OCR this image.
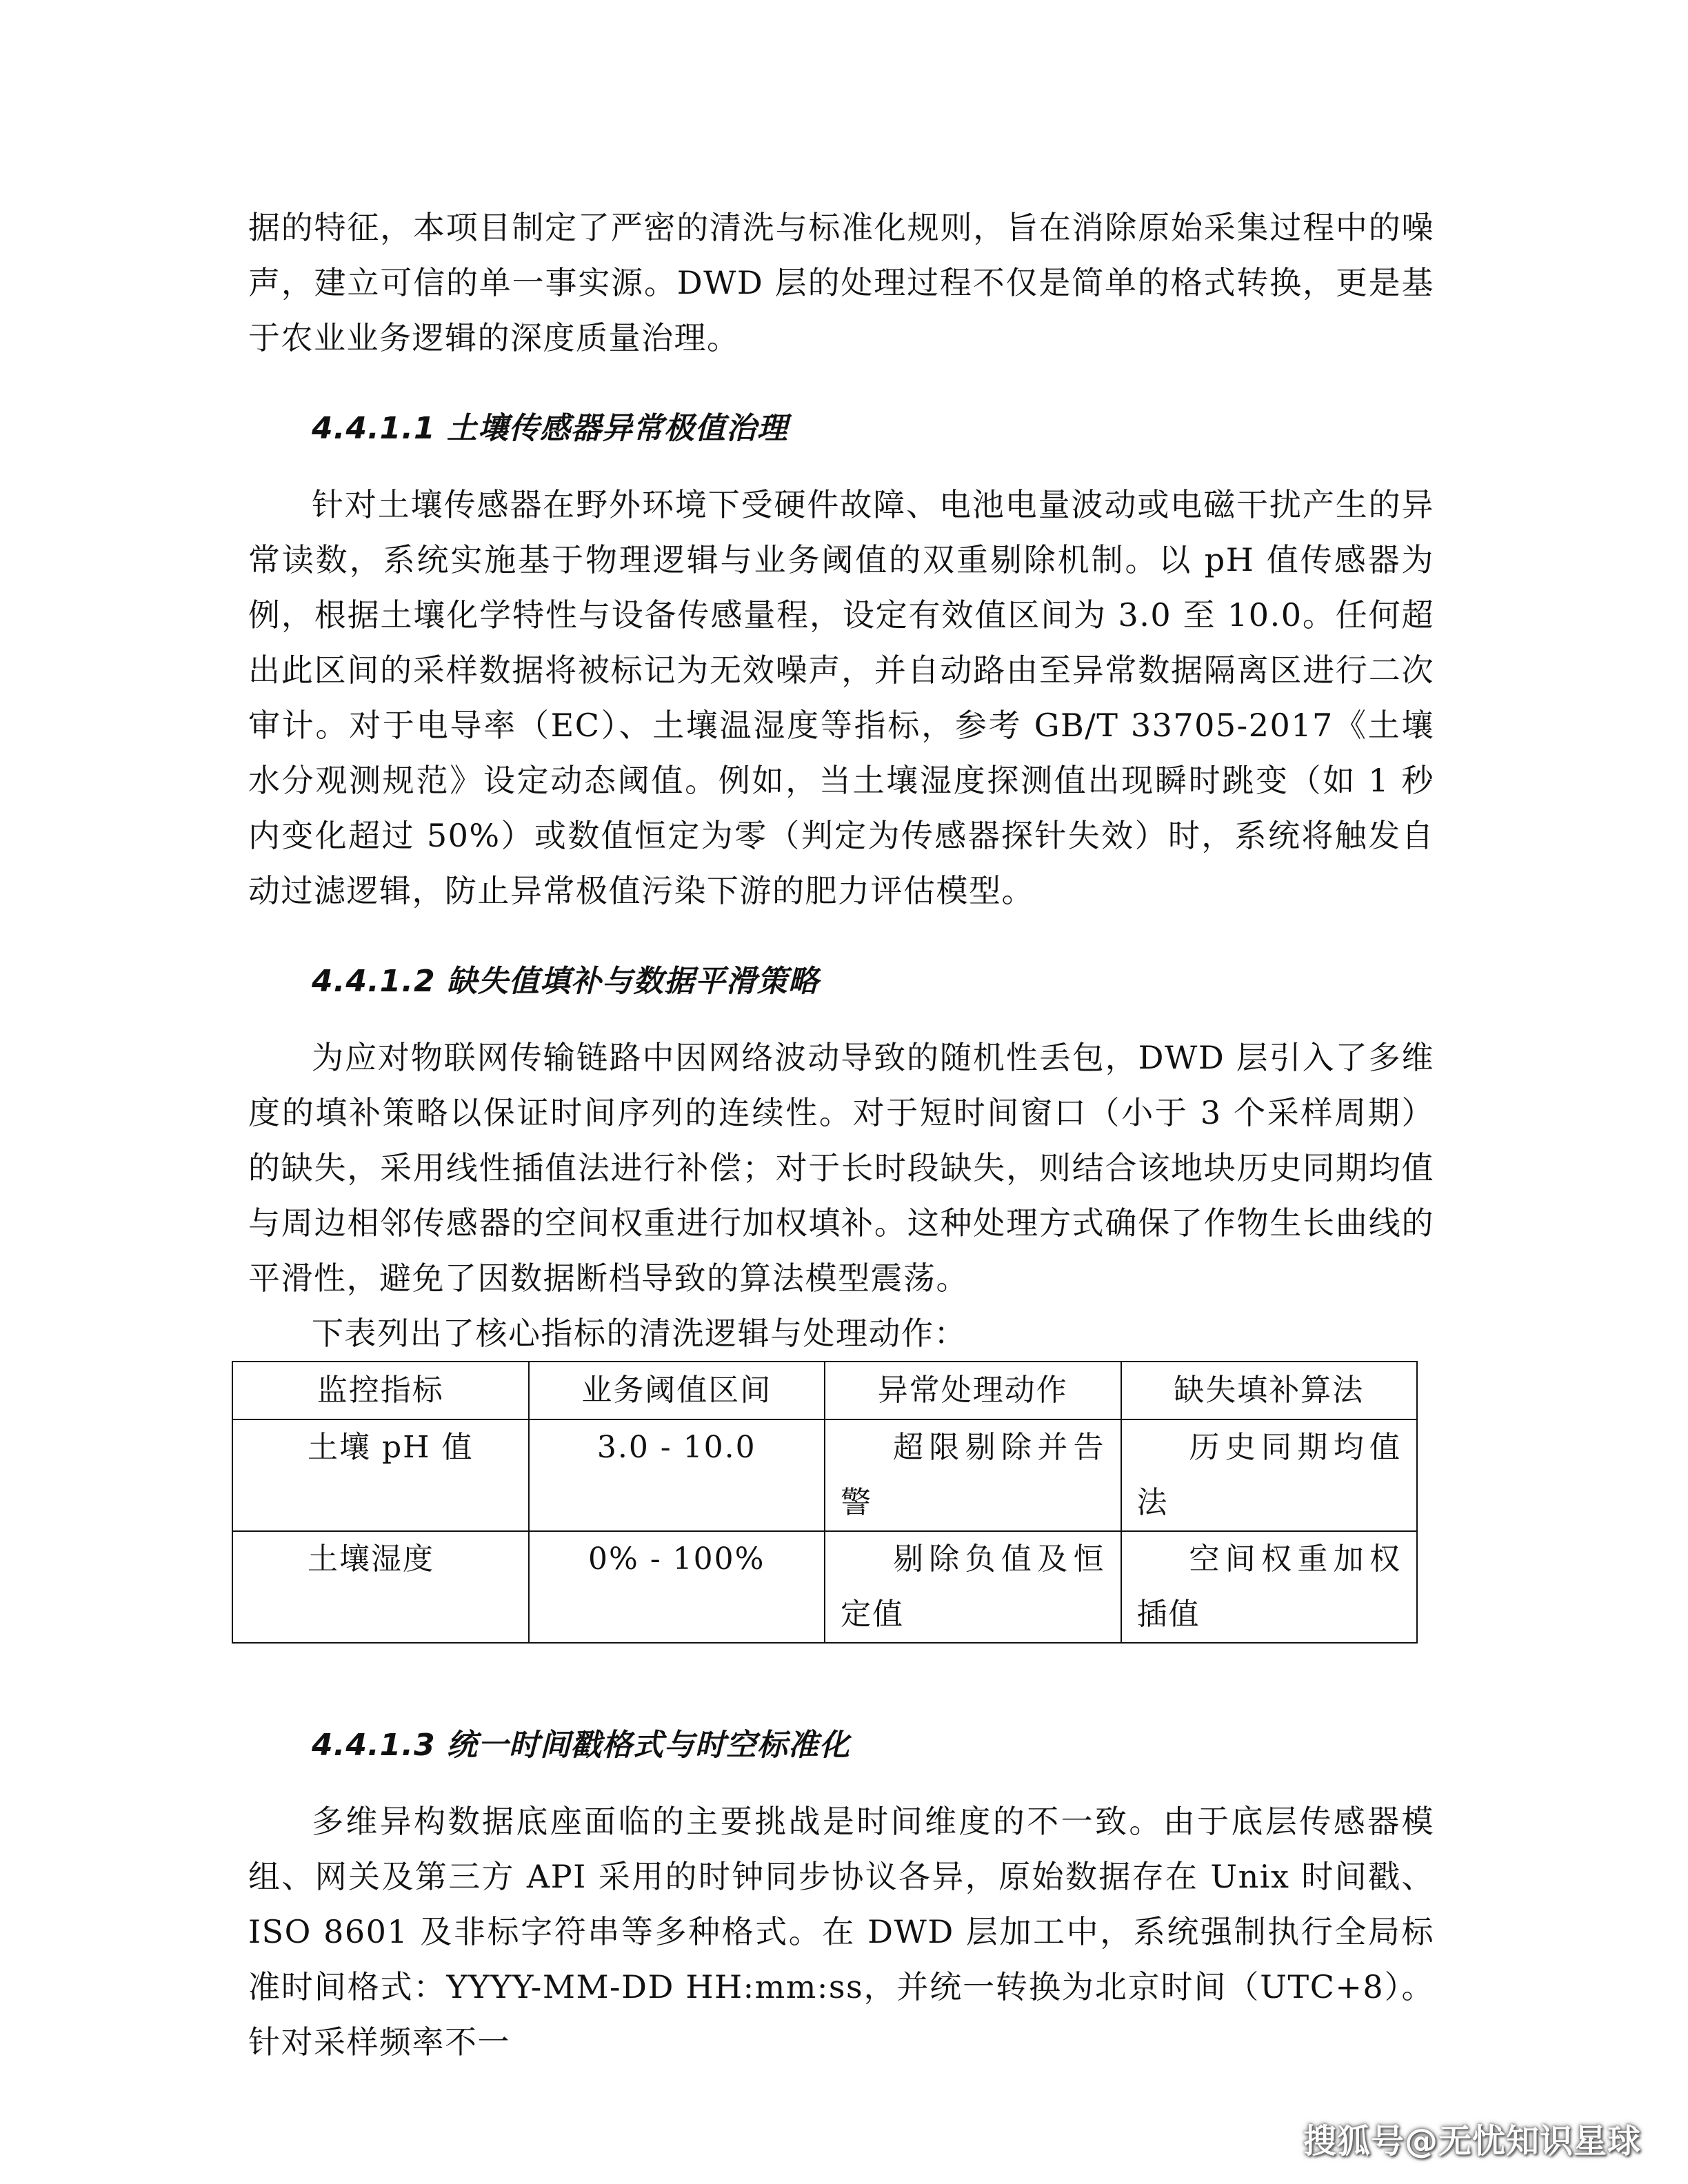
据的特征，本项目制定了严密的清洗与标准化规则，旨在消除原始采集过程中的噪声，建立可信的单一事实源。DWD 层的处理过程不仅是简单的格式转换，更是基于农业业务逻辑的深度质量治理。

4.4.1.1 土壤传感器异常极值治理

针对土壤传感器在野外环境下受硬件故障、电池电量波动或电磁干扰产生的异常读数，系统实施基于物理逻辑与业务阈值的双重剔除机制。以 pH 值传感器为例，根据土壤化学特性与设备传感量程，设定有效值区间为 3.0 至 10.0。任何超出此区间的采样数据将被标记为无效噪声，并自动路由至异常数据隔离区进行二次审计。对于电导率（EC）、土壤温湿度等指标，参考 GB/T 33705-2017《土壤水分观测规范》设定动态阈值。例如，当土壤湿度探测值出现瞬时跳变（如 1 秒内变化超过 50%）或数值恒定为零（判定为传感器探针失效）时，系统将触发自动过滤逻辑，防止异常极值污染下游的肥力评估模型。

4.4.1.2 缺失值填补与数据平滑策略

为应对物联网传输链路中因网络波动导致的随机性丢包，DWD 层引入了多维度的填补策略以保证时间序列的连续性。对于短时间窗口（小于 3 个采样周期）的缺失，采用线性插值法进行补偿；对于长时段缺失，则结合该地块历史同期均值与周边相邻传感器的空间权重进行加权填补。这种处理方式确保了作物生长曲线的平滑性，避免了因数据断档导致的算法模型震荡。

下表列出了核心指标的清洗逻辑与处理动作：

监控指标	业务阈值区间	异常处理动作	缺失填补算法
土壤 pH 值	3.0 - 10.0	超限剔除并告警	历史同期均值法
土壤湿度	0% - 100%	剔除负值及恒定值	空间权重加权插值
4.4.1.3 统一时间戳格式与时空标准化

多维异构数据底座面临的主要挑战是时间维度的不一致。由于底层传感器模组、网关及第三方 API 采用的时钟同步协议各异，原始数据存在 Unix 时间戳、ISO 8601 及非标字符串等多种格式。在 DWD 层加工中，系统强制执行全局标准时间格式：YYYY-MM-DD HH:mm:ss，并统一转换为北京时间（UTC+8）。针对采样频率不一

搜狐号@无忧知识星球
